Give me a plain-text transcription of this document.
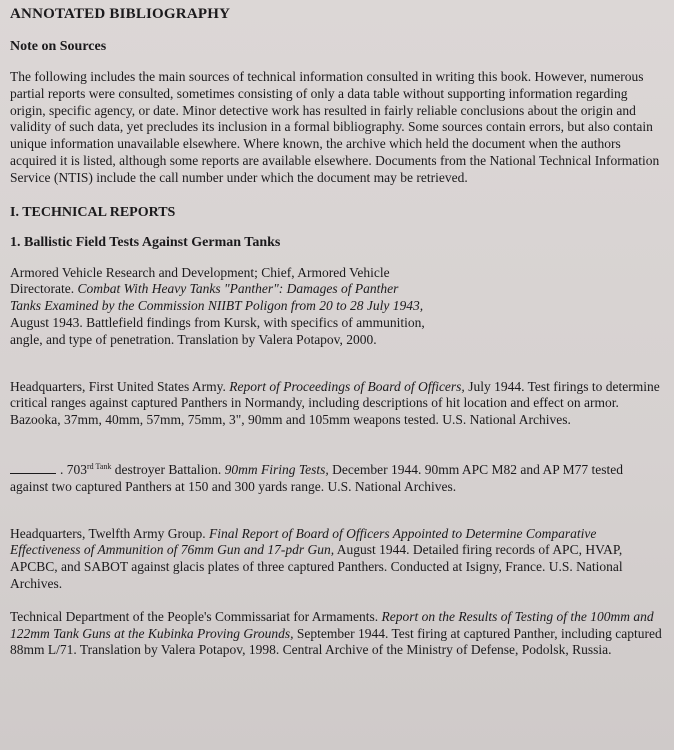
ANNOTATED BIBLIOGRAPHY
Note on Sources

The following includes the main sources of technical information consulted in writing this book. However, numerous partial reports were consulted, sometimes consisting of only a data table without supporting information regarding origin, specific agency, or date. Minor detective work has resulted in fairly reliable conclusions about the origin and validity of such data, yet precludes its inclusion in a formal bibliography. Some sources contain errors, but also contain unique information unavailable elsewhere. Where known, the archive which held the document when the authors acquired it is listed, although some reports are available elsewhere. Documents from the National Technical Information Service (NTIS) include the call number under which the document may be retrieved.

I. TECHNICAL REPORTS
1. Ballistic Field Tests Against German Tanks

Armored Vehicle Research and Development; Chief, Armored Vehicle Directorate. Combat With Heavy Tanks "Panther": Damages of Panther Tanks Examined by the Commission NIIBT Poligon from 20 to 28 July 1943, August 1943. Battlefield findings from Kursk, with specifics of ammunition, angle, and type of penetration. Translation by Valera Potapov, 2000.

Headquarters, First United States Army. Report of Proceedings of Board of Officers, July 1944. Test firings to determine critical ranges against captured Panthers in Normandy, including descriptions of hit location and effect on armor. Bazooka, 37mm, 40mm, 57mm, 75mm, 3", 90mm and 105mm weapons tested. U.S. National Archives.

. $703^{rd Tank}$ destroyer Battalion. 90mm Firing Tests, December 1944. 90mm APC M82 and AP M77 tested against two captured Panthers at 150 and 300 yards range. U.S. National Archives.

Headquarters, Twelfth Army Group. Final Report of Board of Officers Appointed to Determine Comparative Effectiveness of Ammunition of 76mm Gun and 17-pdr Gun, August 1944. Detailed firing records of APC, HVAP, APCBC, and SABOT against glacis plates of three captured Panthers. Conducted at Isigny, France. U.S. National Archives.

Technical Department of the People's Commissariat for Armaments. Report on the Results of Testing of the 100mm and 122mm Tank Guns at the Kubinka Proving Grounds, September 1944. Test firing at captured Panther, including captured 88mm L/71. Translation by Valera Potapov, 1998. Central Archive of the Ministry of Defense, Podolsk, Russia.
